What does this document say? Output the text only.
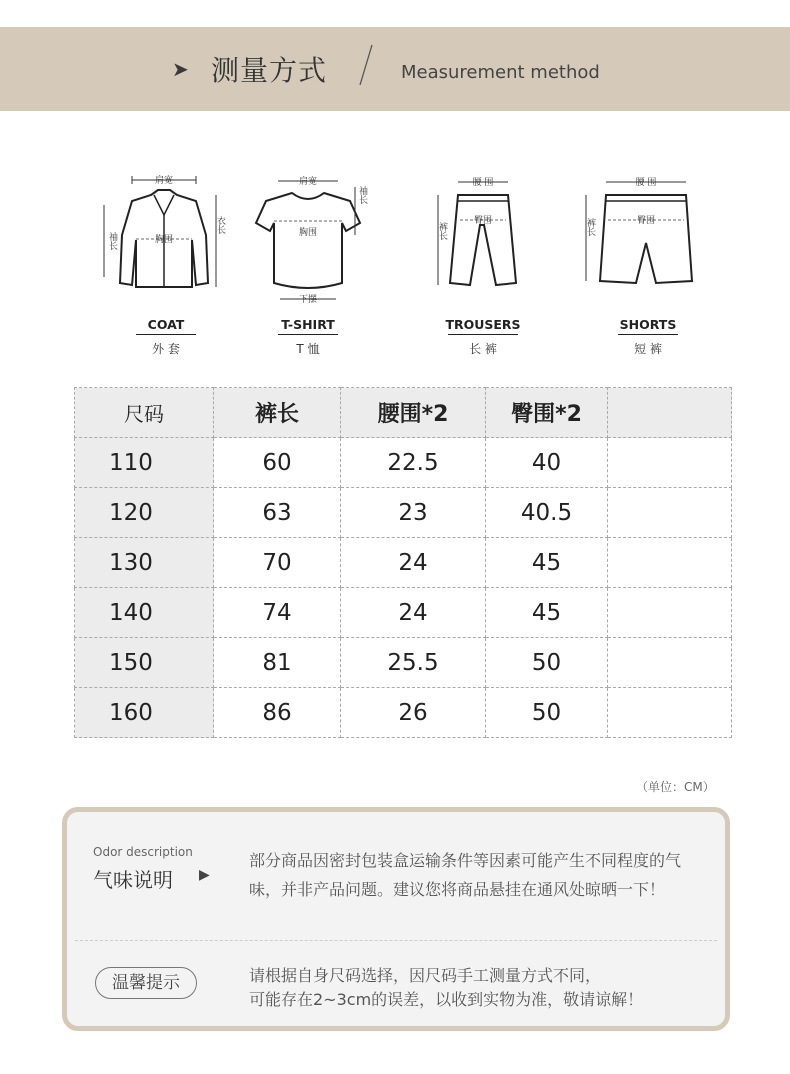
➤ 测量方式	Measurement method
肩宽
胸围
袖长
衣长
COAT
外 套
肩宽
胸围
袖长
下摆
T-SHIRT
T 恤
腰 围
臀围
裤长
TROUSERS
长 裤
腰 围
臀围
裤长
SHORTS
短 裤
尺码	裤长	腰围*2	臀围*2	
110	60	22.5	40	
120	63	23	40.5	
130	70	24	45	
140	74	24	45	
150	81	25.5	50	
160	86	26	50	
（单位：CM）
Odor description
气味说明 ▶
部分商品因密封包装盒运输条件等因素可能产生不同程度的气味，并非产品问题。建议您将商品悬挂在通风处晾晒一下！
温馨提示	请根据自身尺码选择，因尺码手工测量方式不同，
可能存在2~3cm的误差，以收到实物为准，敬请谅解！
